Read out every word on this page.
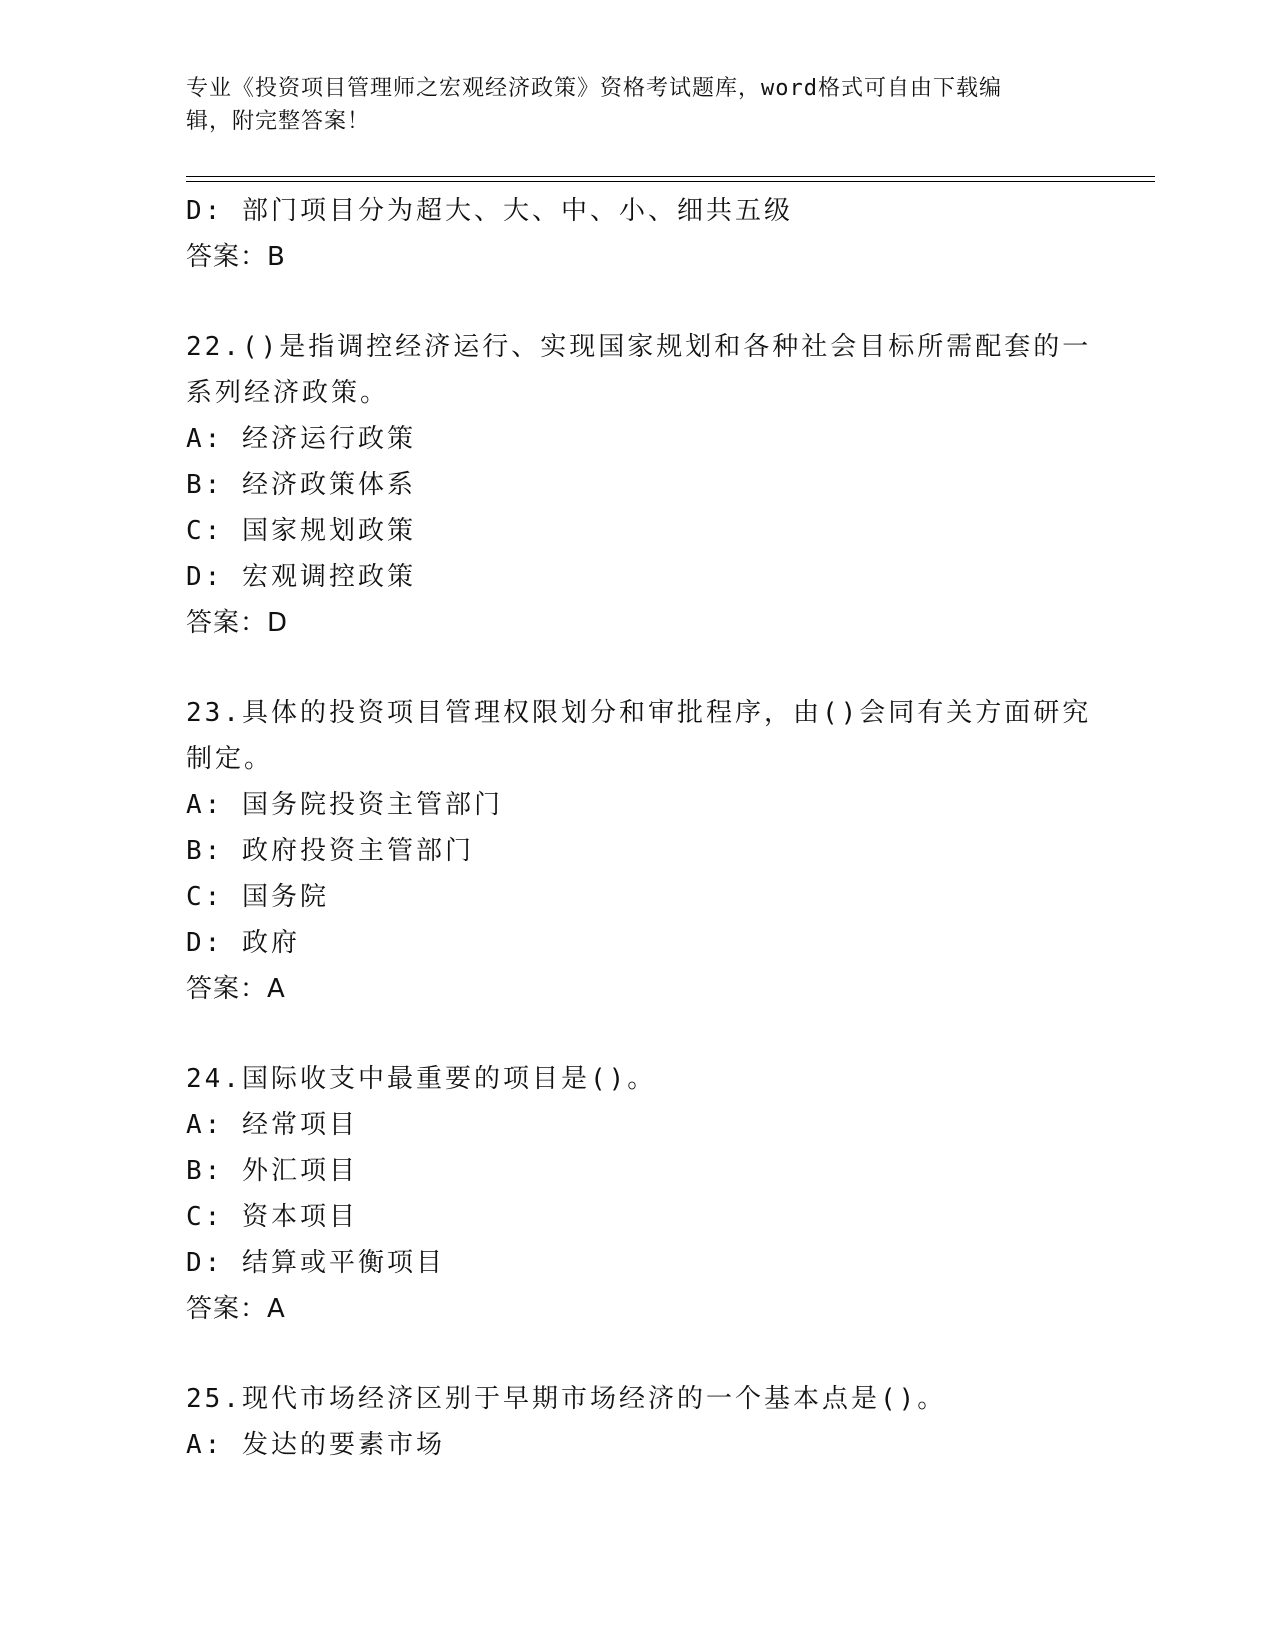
专业《投资项目管理师之宏观经济政策》资格考试题库，word格式可自由下载编
辑，附完整答案！
D: 部门项目分为超大、大、中、小、细共五级
答案：B
22.()是指调控经济运行、实现国家规划和各种社会目标所需配套的一
系列经济政策。
A: 经济运行政策
B: 经济政策体系
C: 国家规划政策
D: 宏观调控政策
答案：D
23.具体的投资项目管理权限划分和审批程序，由()会同有关方面研究
制定。
A: 国务院投资主管部门
B: 政府投资主管部门
C: 国务院
D: 政府
答案：A
24.国际收支中最重要的项目是()。
A: 经常项目
B: 外汇项目
C: 资本项目
D: 结算或平衡项目
答案：A
25.现代市场经济区别于早期市场经济的一个基本点是()。
A: 发达的要素市场
